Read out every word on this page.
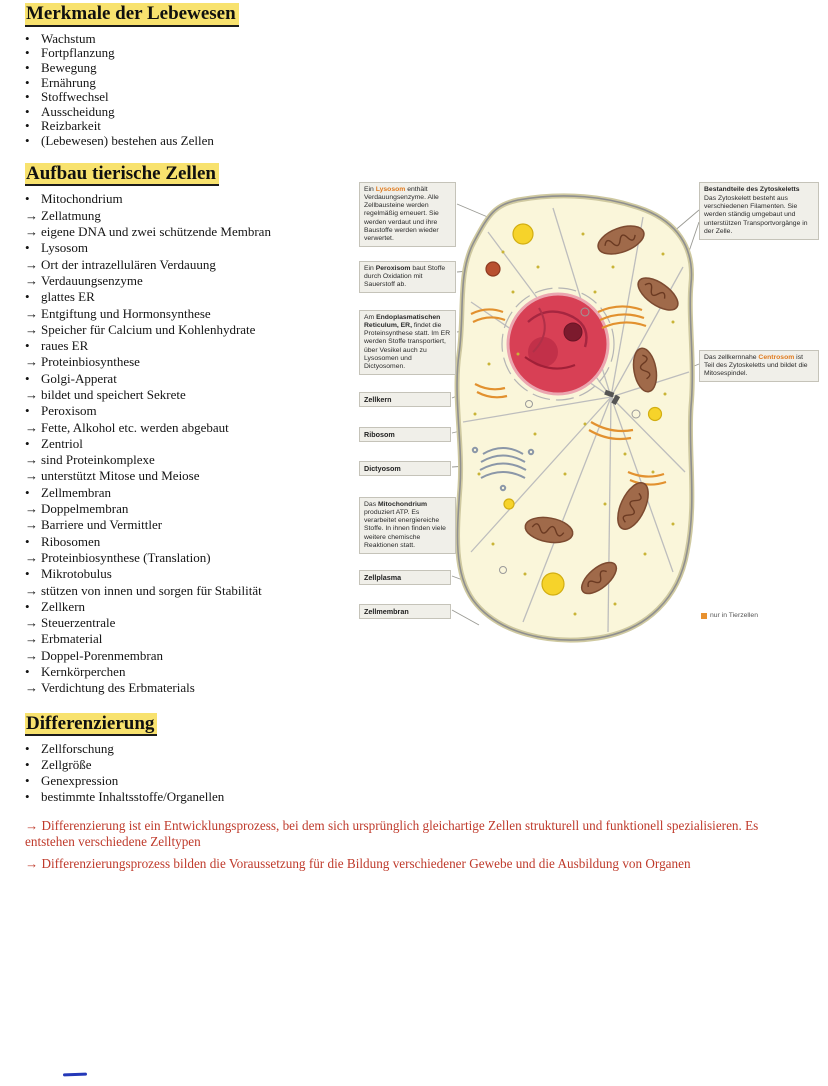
Merkmale der Lebewesen
• Wachstum
• Fortpflanzung
• Bewegung
• Ernährung
• Stoffwechsel
• Ausscheidung
• Reizbarkeit
• (Lebewesen) bestehen aus Zellen
Aufbau tierische Zellen
• Mitochondrium
→ Zellatmung
→ eigene DNA und zwei schützende Membran
• Lysosom
→ Ort der intrazellulären Verdauung
→ Verdauungsenzyme
• glattes ER
→ Entgiftung und Hormonsynthese
→ Speicher für Calcium und Kohlenhydrate
• raues ER
→ Proteinbiosynthese
• Golgi-Apperat
→ bildet und speichert Sekrete
• Peroxisom
→ Fette, Alkohol etc. werden abgebaut
• Zentriol
→ sind Proteinkomplexe
→ unterstützt Mitose und Meiose
• Zellmembran
→ Doppelmembran
→ Barriere und Vermittler
• Ribosomen
→ Proteinbiosynthese (Translation)
• Mikrotobulus
→ stützen von innen und sorgen für Stabilität
• Zellkern
→ Steuerzentrale
→ Erbmaterial
→ Doppel-Porenmembran
• Kernkörperchen
→ Verdichtung des Erbmaterials
Differenzierung
• Zellforschung
• Zellgröße
• Genexpression
• bestimmte Inhaltsstoffe/Organellen

→ Differenzierung ist ein Entwicklungsprozess, bei dem sich ursprünglich gleichartige Zellen strukturell und funktionell spezialisieren. Es entstehen verschiedene Zelltypen

→ Differenzierungsprozess bilden die Voraussetzung für die Bildung verschiedener Gewebe und die Ausbildung von Organen

Ein Lysosom enthält Verdauungsenzyme. Alle Zellbausteine werden regelmäßig erneuert. Sie werden verdaut und ihre Baustoffe werden wieder verwertet.
Ein Peroxisom baut Stoffe durch Oxidation mit Sauerstoff ab.
Am Endoplasmatischen Reticulum, ER, findet die Proteinsynthese statt. Im ER werden Stoffe transportiert, über Vesikel auch zu Lysosomen und Dictyosomen.
Zellkern
Ribosom
Dictyosom
Das Mitochondrium produziert ATP. Es verarbeitet energiereiche Stoffe. In ihnen finden viele weitere chemische Reaktionen statt.
Zellplasma
Zellmembran
Bestandteile des Zytoskeletts
Das Zytoskelett besteht aus verschiedenen Filamenten. Sie werden ständig umgebaut und unterstützen Transportvorgänge in der Zelle.
Das zellkernnahe Centrosom ist Teil des Zytoskeletts und bildet die Mitosespindel.
nur in Tierzellen
